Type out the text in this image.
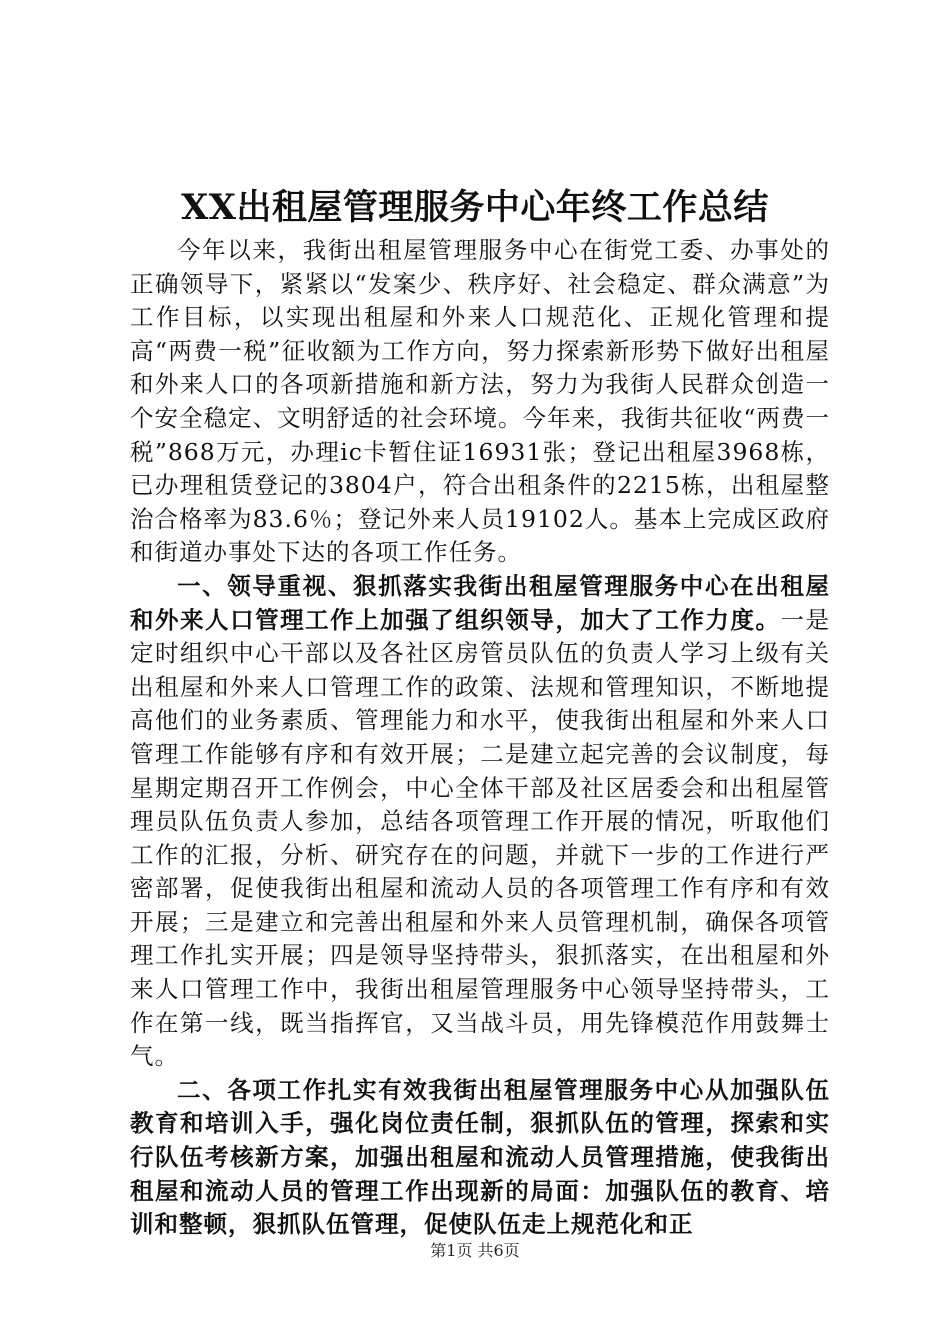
XX出租屋管理服务中心年终工作总结

今年以来，我街出租屋管理服务中心在街党工委、办事处的正确领导下，紧紧以“发案少、秩序好、社会稳定、群众满意”为工作目标，以实现出租屋和外来人口规范化、正规化管理和提高“两费一税”征收额为工作方向，努力探索新形势下做好出租屋和外来人口的各项新措施和新方法，努力为我街人民群众创造一个安全稳定、文明舒适的社会环境。今年来，我街共征收“两费一税”868万元，办理ic卡暂住证16931张；登记出租屋3968栋，已办理租赁登记的3804户，符合出租条件的2215栋，出租屋整治合格率为83.6％；登记外来人员19102人。基本上完成区政府和街道办事处下达的各项工作任务。

一、领导重视、狠抓落实我街出租屋管理服务中心在出租屋和外来人口管理工作上加强了组织领导，加大了工作力度。一是定时组织中心干部以及各社区房管员队伍的负责人学习上级有关出租屋和外来人口管理工作的政策、法规和管理知识，不断地提高他们的业务素质、管理能力和水平，使我街出租屋和外来人口管理工作能够有序和有效开展；二是建立起完善的会议制度，每星期定期召开工作例会，中心全体干部及社区居委会和出租屋管理员队伍负责人参加，总结各项管理工作开展的情况，听取他们工作的汇报，分析、研究存在的问题，并就下一步的工作进行严密部署，促使我街出租屋和流动人员的各项管理工作有序和有效开展；三是建立和完善出租屋和外来人员管理机制，确保各项管理工作扎实开展；四是领导坚持带头，狠抓落实，在出租屋和外来人口管理工作中，我街出租屋管理服务中心领导坚持带头，工作在第一线，既当指挥官，又当战斗员，用先锋模范作用鼓舞士气。

二、各项工作扎实有效我街出租屋管理服务中心从加强队伍教育和培训入手，强化岗位责任制，狠抓队伍的管理，探索和实行队伍考核新方案，加强出租屋和流动人员管理措施，使我街出租屋和流动人员的管理工作出现新的局面：加强队伍的教育、培训和整顿，狠抓队伍管理，促使队伍走上规范化和正

第1页 共6页
